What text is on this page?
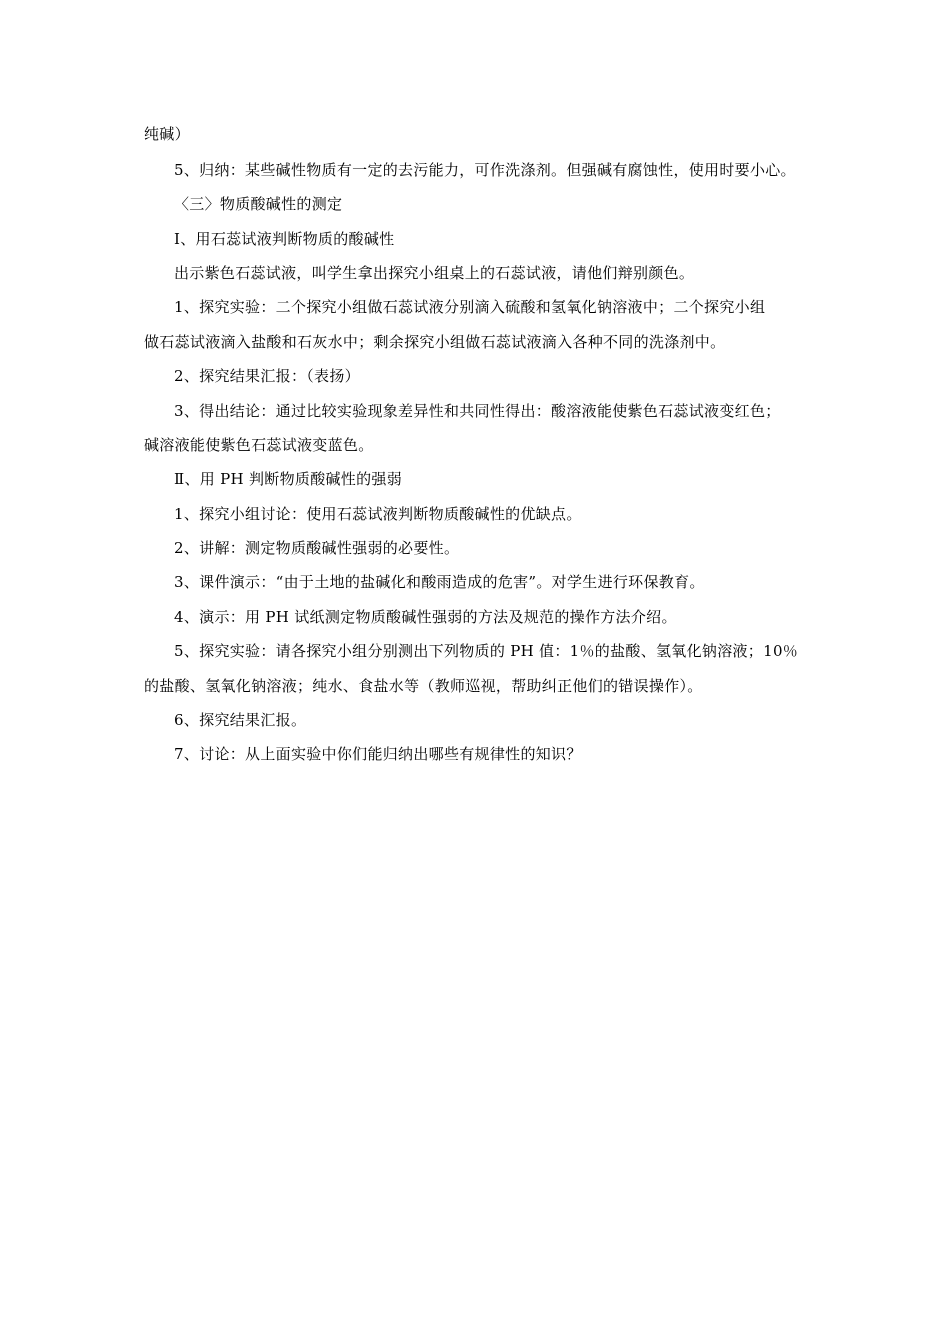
纯碱）
5、归纳：某些碱性物质有一定的去污能力，可作洗涤剂。但强碱有腐蚀性，使用时要小心。
〈三〉物质酸碱性的测定
Ⅰ、用石蕊试液判断物质的酸碱性
出示紫色石蕊试液，叫学生拿出探究小组桌上的石蕊试液，请他们辩别颜色。
1、探究实验：二个探究小组做石蕊试液分别滴入硫酸和氢氧化钠溶液中；二个探究小组
做石蕊试液滴入盐酸和石灰水中；剩余探究小组做石蕊试液滴入各种不同的洗涤剂中。
2、探究结果汇报：（表扬）
3、得出结论：通过比较实验现象差异性和共同性得出：酸溶液能使紫色石蕊试液变红色；
碱溶液能使紫色石蕊试液变蓝色。
Ⅱ、用 PH 判断物质酸碱性的强弱
1、探究小组讨论：使用石蕊试液判断物质酸碱性的优缺点。
2、讲解：测定物质酸碱性强弱的必要性。
3、课件演示：“由于土地的盐碱化和酸雨造成的危害”。对学生进行环保教育。
4、演示：用 PH 试纸测定物质酸碱性强弱的方法及规范的操作方法介绍。
5、探究实验：请各探究小组分别测出下列物质的 PH 值：1％的盐酸、氢氧化钠溶液；10％
的盐酸、氢氧化钠溶液；纯水、食盐水等（教师巡视，帮助纠正他们的错误操作）。
6、探究结果汇报。
7、讨论：从上面实验中你们能归纳出哪些有规律性的知识？
